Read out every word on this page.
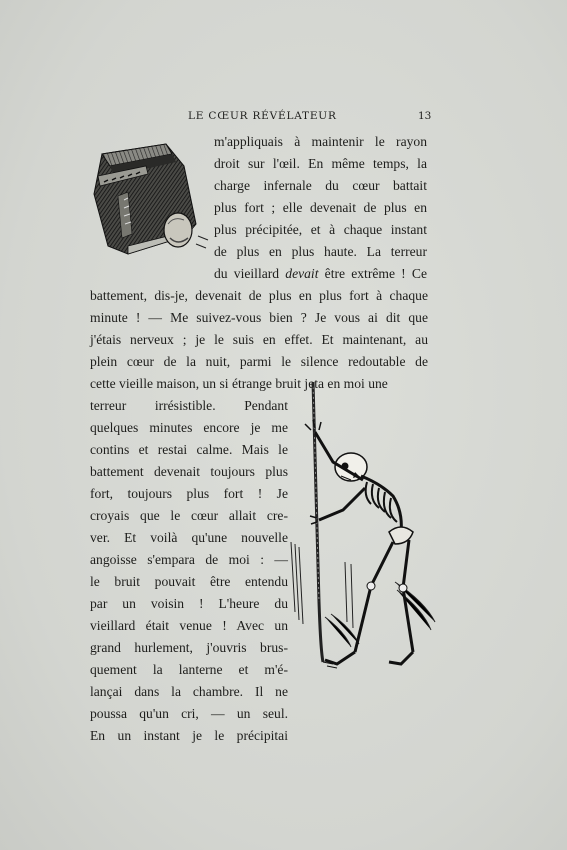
LE CŒUR RÉVÉLATEUR	13
m'appliquais à maintenir le rayon
droit sur l'œil. En même temps, la
charge infernale du cœur battait
plus fort ; elle devenait de plus en
plus précipitée, et à chaque instant
de plus en plus haute. La terreur
du vieillard devait être extrême ! Ce
battement, dis-je, devenait de plus en plus fort à chaque
minute ! — Me suivez-vous bien ? Je vous ai dit que
j'étais nerveux ; je le suis en effet. Et maintenant, au
plein cœur de la nuit, parmi le silence redoutable de
cette vieille maison, un si étrange bruit jeta en moi une
terreur irrésistible. Pendant
quelques minutes encore je me
contins et restai calme. Mais le
battement devenait toujours plus
fort, toujours plus fort ! Je
croyais que le cœur allait cre-
ver. Et voilà qu'une nouvelle
angoisse s'empara de moi : —
le bruit pouvait être entendu
par un voisin ! L'heure du
vieillard était venue ! Avec un
grand hurlement, j'ouvris brus-
quement la lanterne et m'é-
lançai dans la chambre. Il ne
poussa qu'un cri, — un seul.
En un instant je le précipitai
